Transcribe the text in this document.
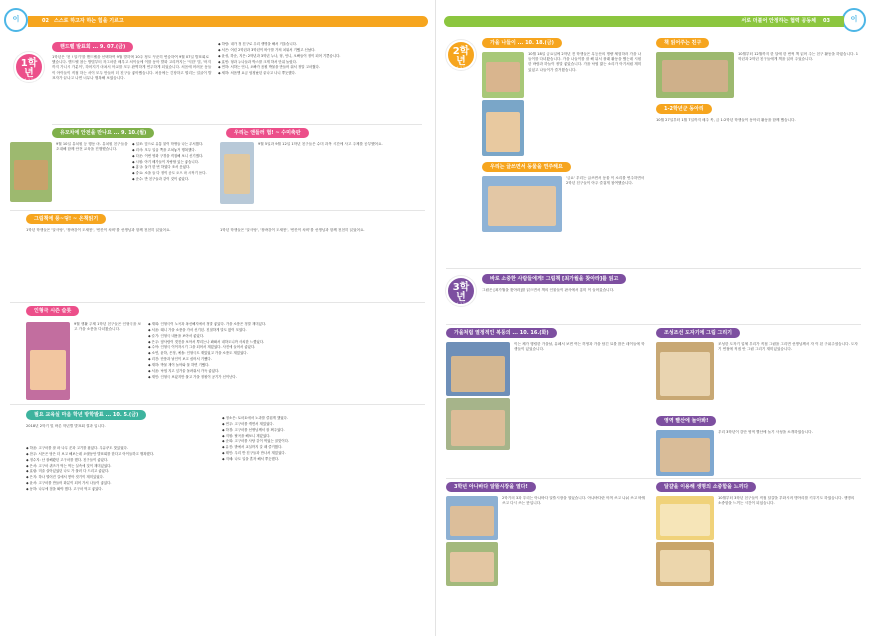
이	02 스스로 하고자 하는 힘을 기르고
1학년
2학기 교육활동
핸드벨 발표회 ... 9. 07.(금)
1학년은 '천 ! 알기'를 핸드벨을 선택하여 9월 발하며 10주 정도 꾸준히 연습하여 9월 07일 발표회로 했습니다. 핸드벨 참는 방법부터 자그마한 배우고 처이들에 이를 동아 발화 고리까지는 '익한' 법, '어지까지 가니시 가분이', 하어지기 마쳐서 아교를 모두 완벽하게 연주하게 되었습니다. 처음에 어려운 동들이 아이들이 직접 하는 서이 모두 만들어 더 친구들 좋아했습니다. 처음에는 긴장하고 떨리는 얼굴이 발표자가 끝나고 나면 너무나 행복해 보였습니다.

◆ 하람: 내가 정 친구로 우리 생명을 해서 거울습니다.

◆ 서은: 어린 2학년과 3학년이 바구를 가져 치워서 기뻤고 신났다.

◆ 윤성, 하준, 지은: 2학년과 3학년 누나, 형, 언니, 오빠들이 정이 되어 기쁜습니다.

◆ 효빈: 형과 누나들과 박스를 크게 하서 단위 놀랐다.

◆ 연하: 서하는 언니, 오빠가 음원 박물을 만들어 줘서 정말 고마웠다.

◆ 세하: 처음엔 요금 엄청났던 끝나고 나니 뿌듯했다.

유모차에 안전을 만나요 ... 9. 10.(월)
9월 10일 유치원 등 행동 마. 유치원 친구들을 초대해 함께 안전 교육을 진행했습니다.

◆ 일조: 앞으로 유통 불이 학생들 나는 무서웠다.

◆ 리사: 모두 일곱 쪽을 고쳐놓거 행복했다.

◆ 다운: 이번 영화 구경을 직접해 보니 신기했다.

◆ 시원: 아기 배가들이 자랑할 있는 좋습니다.

◆ 홍규: 둘가 한 번 하였다 조서 웃었다.

◆ 중요: 소을 들 다 정이 공도 오으 마 시작기 돋다.

◆ 준수: 반 친구들과 같이 것이 좋았다.

우리는 앤들러 협! ~ 수미축판
9월 5일과 9월 12일 1학년 친구들은 수미 과목 시간에 사고 주제를 공부했어요.
그림책에 풍~덩! ~ 온책읽기
1학년 학생들은 '알사탕', '장바강이 도새봉', '빈칸이 차비'를 선생님과 함께 천천히 읽었어요.	1학년 학생들은 '알사탕', '장바강이 도새봉', '빈칸이 차비'를 선생님과 함께 천천히 읽었어요.
인형극 시즌 슬롯
9월 생활 주제 1학년 친구들은 인형극을 보고 가을 소풍을 다녀왔습니다.

◆ 재희: 인형극이 노곡과 폭신해지에서 정말 좋았다. 가을 소풍은 정말 재미있다.

◆ 서윤: 래니 가을 소풍을 가서 신기던. 친절하게 말도 많이 모였다.

◆ 슬기: 인형극 내용을 보아서 좋았다.

◆ 은우: 옆사람이 갯전을 보아서 뿌리는나 봐봐서 내하도니까 사치한 느꼈었다.

◆ 수아: 인형극 이이자시기 그을 되어서 재밌었다. 사진에 들어서 좋았다.

◆ 소연, 윤하, 은정, 예솔: 인형극도 재밌었고 가을 소풍도 재밌었다.

◆ 리건: 단풍과 낱인이 보고 싶어서 기뻤다.

◆ 재하: 박물 재이 놀아와 물 하면 기뻤다.

◆ 서윤: 낙엽 지고 잎가울 돌려줘서 가득 좋았다.

◆ 재민: 인형극 보았지만 풀고 가을 정원이 공기가 신이난다.

필요 교육실 마음 학년 방학발표 ... 10. 5.(금)
2018년 2학기 및 바른 학년별 발표회 결과 입니다.

◆ 하윤: 고구마를 잘 파 나무 꾼과 고기를 잡았다. 우유쿠도 맛있었다.

◆ 찬우: 서은은 당은 더 보고 해보는데 오랫동안 발표회를 한다고 아이들하고 행복했다.

◆ 정수지: 난 잘해봤던 고구마를 했다. 친구들이 좋았다.

◆ 은서: 고구마 퀴즈가 먹는 먹는 실속에 것이 재미있었다.

◆ 효림: 미술 살아있었던 나도 가 풀러 다 드리고 좋았다.

◆ 은지: 하나 떨어진 길에서 쌓아 짓기이 재미있었다.

◆ 윤서: 고구마를 만들어 화분이 되어 가서 나들이 좋았다.

◆ 동하: 나무에 점을 봐야 했다. 고구마 먹고 좋았다.

◆ 정소은: 토마토에서 노과를 즐겁게 했었다.

◆ 연우: 고구마를 캐면서 재밌었다.

◆ 하경: 고구마를 선생님께서 잘 쪄주었다.

◆ 지원: 탈곡을 해보니 재밌었다.

◆ 준희: 고구마를 사탕 같이 먹었는 꿀맛이다.

◆ 유진: 밭에서 교실까지 갈 때 즐거웠다.

◆ 태민: 우리 반 친구들과 만나서 재밌었다.

◆ 지혜: 나도 일을 혼자 해서 뿌듯했다.

이
서로 더불어 안정하는 협력 공동체 03
2학년
2학기 교육활동
가을 나들이 ... 10. 18.(금)
10월 18일 금요일에 2학년 전 학생들은 무등산의 명량 체험하러 가을 나들이를 다녀왔습니다. 가을 나들이를 잘 해 뒤서 플래 활동을 했는데 시원한 바람과 하늘이 정말 좋았습니다. 가을 낙엽 밟는 소리가 아기처럼 재미있었고 나들이가 즐거웠습니다.
책 읽어주는 친구
10월부터 12월까지 한 달에 한 번씩 책 읽어 주는 친구 활동을 하였습니다. 1학년과 2학년 친구들에게 책을 읽어 주었습니다.
우리는 글쓰면서 동물을 연주해요
'금요' 우리는 글쓰면서 동물 이 소리를 연주하면서 2학년 친구들이 아주 즐겁게 참여했습니다.
1-2학년군 동아리
10월 27일부터 1월 7일까지 매주 목, 금 1:2학년 학생들이 동아리 활동을 함께 했습니다.
3학년
2학기 교육활동
바로 소중한 사람들에게! 그림책 [최가월을 찾아라]를 읽고
그림은 [최가월을 찾아라]를 읽으면서 책의 인물들이 판사에서 흥미 이 들어갔습니다.
가을처럼 열정적인 복둥의 ... 10. 16.(화)
이는 체가 행렬한 가을날, 뮤페서 보면 여는 허영과 가을 담긴 묘를 많은 데이들에 학생들이 있었습니다.
조성조선 도자기에 그림 그리기
조성한 도자기 업체 우리가 직접 그림을 그리면 선생님께서 자 이 된 구워주셨습니다. 도자기 연접에 직접 안 그림 그리기 재미있었습니다.
영역 빨산에 놀아봐!
우리 3학년이 감단 영역 빨산에 놀기 사성을 소개하였습니다.
3학년 아나바다 알뜰시장을 열다!
2학기의 3과 우리는 아나바다 알뜰시장을 열었습니다. 아나바다란 아껴 쓰고 나눠 쓰고 바꿔 쓰고 다시 쓰는 뜻입니다.
달걀을 이용해 생명의 소중함을 느끼다
10월부터 3학년 친구들이 직접 달걀을 부화시켜 병아리를 키우기도 하였습니다. 생명의 소중함을 느끼는 시간이 되었습니다.
